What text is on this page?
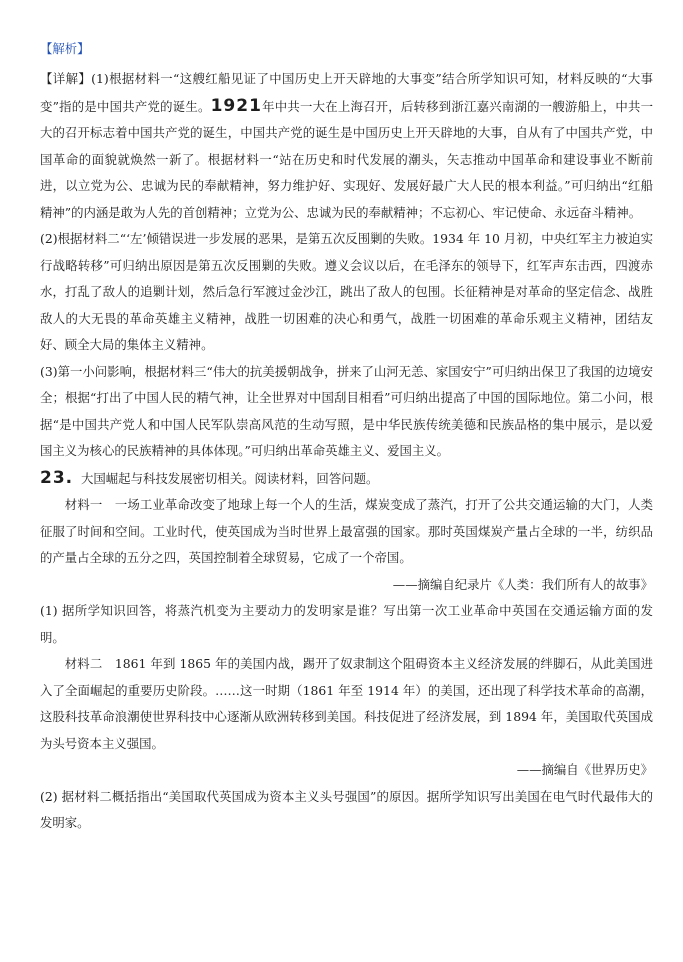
【解析】

【详解】(1)根据材料一“这艘红船见证了中国历史上开天辟地的大事变”结合所学知识可知，材料反映的“大事变”指的是中国共产党的诞生。1921年中共一大在上海召开，后转移到浙江嘉兴南湖的一艘游船上，中共一大的召开标志着中国共产党的诞生，中国共产党的诞生是中国历史上开天辟地的大事，自从有了中国共产党，中国革命的面貌就焕然一新了。根据材料一“站在历史和时代发展的潮头，矢志推动中国革命和建设事业不断前进，以立党为公、忠诚为民的奉献精神，努力维护好、实现好、发展好最广大人民的根本利益。”可归纳出“红船精神”的内涵是敢为人先的首创精神；立党为公、忠诚为民的奉献精神；不忘初心、牢记使命、永远奋斗精神。

(2)根据材料二“‘左’倾错误进一步发展的恶果，是第五次反围剿的失败。1934 年 10 月初，中央红军主力被迫实行战略转移”可归纳出原因是第五次反围剿的失败。遵义会议以后，在毛泽东的领导下，红军声东击西，四渡赤水，打乱了敌人的追剿计划，然后急行军渡过金沙江，跳出了敌人的包围。长征精神是对革命的坚定信念、战胜敌人的大无畏的革命英雄主义精神，战胜一切困难的决心和勇气，战胜一切困难的革命乐观主义精神，团结友好、顾全大局的集体主义精神。

(3)第一小问影响，根据材料三“伟大的抗美援朝战争，拼来了山河无恙、家国安宁”可归纳出保卫了我国的边境安全；根据“打出了中国人民的精气神，让全世界对中国刮目相看”可归纳出提高了中国的国际地位。第二小问，根据“是中国共产党人和中国人民军队崇高风范的生动写照，是中华民族传统美德和民族品格的集中展示，是以爱国主义为核心的民族精神的具体体现。”可归纳出革命英雄主义、爱国主义。

23. 大国崛起与科技发展密切相关。阅读材料，回答问题。

材料一　一场工业革命改变了地球上每一个人的生活，煤炭变成了蒸汽，打开了公共交通运输的大门，人类征服了时间和空间。工业时代，使英国成为当时世界上最富强的国家。那时英国煤炭产量占全球的一半，纺织品的产量占全球的五分之四，英国控制着全球贸易，它成了一个帝国。

——摘编自纪录片《人类：我们所有人的故事》

(1) 据所学知识回答，将蒸汽机变为主要动力的发明家是谁？写出第一次工业革命中英国在交通运输方面的发明。

材料二　1861 年到 1865 年的美国内战，踢开了奴隶制这个阻碍资本主义经济发展的绊脚石，从此美国进入了全面崛起的重要历史阶段。……这一时期（1861 年至 1914 年）的美国，还出现了科学技术革命的高潮，这股科技革命浪潮使世界科技中心逐渐从欧洲转移到美国。科技促进了经济发展，到 1894 年，美国取代英国成为头号资本主义强国。

——摘编自《世界历史》

(2) 据材料二概括指出“美国取代英国成为资本主义头号强国”的原因。据所学知识写出美国在电气时代最伟大的发明家。
